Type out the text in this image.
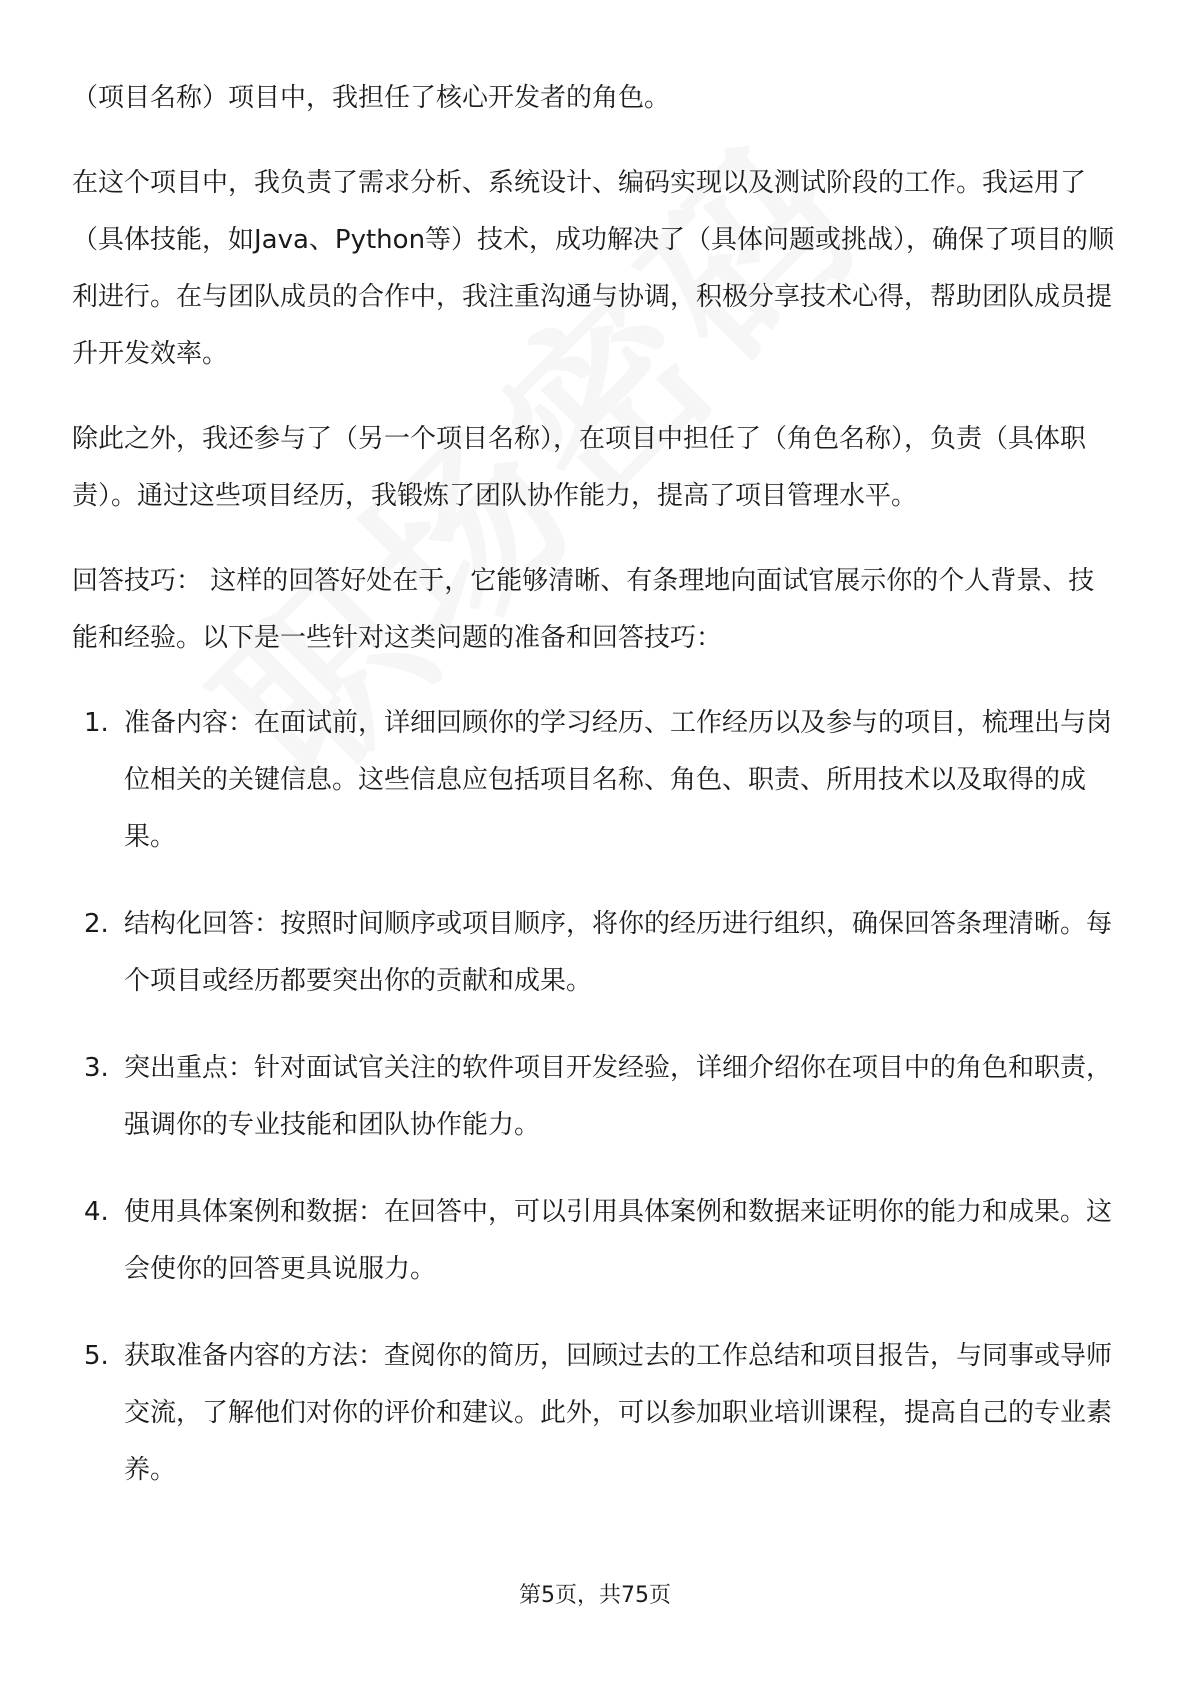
（项目名称）项目中，我担任了核心开发者的角色。

在这个项目中，我负责了需求分析、系统设计、编码实现以及测试阶段的工作。我运用了（具体技能，如Java、Python等）技术，成功解决了（具体问题或挑战），确保了项目的顺利进行。在与团队成员的合作中，我注重沟通与协调，积极分享技术心得，帮助团队成员提升开发效率。

除此之外，我还参与了（另一个项目名称），在项目中担任了（角色名称），负责（具体职责）。通过这些项目经历，我锻炼了团队协作能力，提高了项目管理水平。

回答技巧： 这样的回答好处在于，它能够清晰、有条理地向面试官展示你的个人背景、技能和经验。以下是一些针对这类问题的准备和回答技巧：

1. 准备内容：在面试前，详细回顾你的学习经历、工作经历以及参与的项目，梳理出与岗位相关的关键信息。这些信息应包括项目名称、角色、职责、所用技术以及取得的成果。
2. 结构化回答：按照时间顺序或项目顺序，将你的经历进行组织，确保回答条理清晰。每个项目或经历都要突出你的贡献和成果。
3. 突出重点：针对面试官关注的软件项目开发经验，详细介绍你在项目中的角色和职责，强调你的专业技能和团队协作能力。
4. 使用具体案例和数据：在回答中，可以引用具体案例和数据来证明你的能力和成果。这会使你的回答更具说服力。
5. 获取准备内容的方法：查阅你的简历，回顾过去的工作总结和项目报告，与同事或导师交流，了解他们对你的评价和建议。此外，可以参加职业培训课程，提高自己的专业素养。
第5页，共75页
